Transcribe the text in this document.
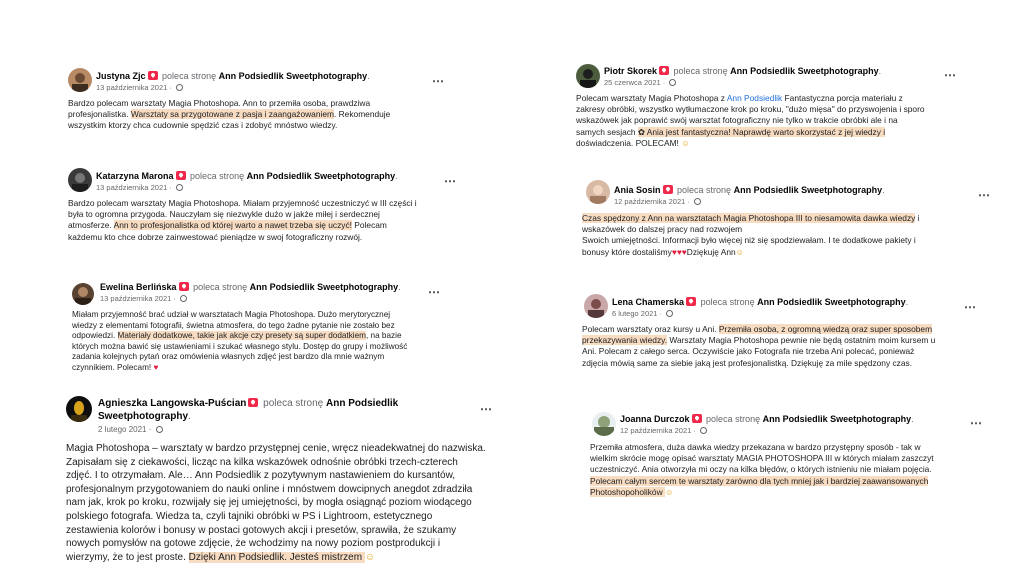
Justyna Zjc poleca stronę Ann Podsiedlik Sweetphotography.
13 października 2021 ·	⋯
Bardzo polecam warsztaty Magia Photoshopa. Ann to przemiła osoba, prawdziwa
profesjonalistka. Warsztaty sa przygotowane z pasja i zaangażowaniem. Rekomenduje
wszystkim ktorzy chca cudownie spędzić czas i zdobyć mnóstwo wiedzy.
Katarzyna Marona poleca stronę Ann Podsiedlik Sweetphotography.
13 października 2021 ·	⋯
Bardzo polecam warsztaty Magia Photoshopa. Miałam przyjemność uczestniczyć w III części i
była to ogromna przygoda. Nauczyłam się niezwykle dużo w jakże miłej i serdecznej
atmosferze. Ann to profesjonalistka od której warto a nawet trzeba się uczyć! Polecam
każdemu kto chce dobrze zainwestować pieniądze w swoj fotograficzny rozwój.
Ewelina Berlińska poleca stronę Ann Podsiedlik Sweetphotography.
13 października 2021 ·	⋯
Miałam przyjemność brać udział w warsztatach Magia Photoshopa. Dużo merytorycznej
wiedzy z elementami fotografii, świetna atmosfera, do tego żadne pytanie nie zostało bez
odpowiedzi. Materiały dodatkowe, takie jak akcje czy presety są super dodatkiem, na bazie
których można bawić się ustawieniami i szukać własnego stylu. Dostęp do grupy i możliwość
zadania kolejnych pytań oraz omówienia własnych zdjęć jest bardzo dla mnie ważnym
czynnikiem. Polecam! ♥
Agnieszka Langowska-Puścian poleca stronę Ann Podsiedlik
Sweetphotography.
2 lutego 2021 ·
⋯
Magia Photoshopa – warsztaty w bardzo przystępnej cenie, wręcz nieadekwatnej do nazwiska.
Zapisałam się z ciekawości, licząc na kilka wskazówek odnośnie obróbki trzech-czterech
zdjęć. I to otrzymałam. Ale… Ann Podsiedlik z pozytywnym nastawieniem do kursantów,
profesjonalnym przygotowaniem do nauki online i mnóstwem dowcipnych anegdot zdradziła
nam jak, krok po kroku, rozwijały się jej umiejętności, by mogła osiągnąć poziom wiodącego
polskiego fotografa. Wiedza ta, czyli tajniki obróbki w PS i Lightroom, estetycznego
zestawienia kolorów i bonusy w postaci gotowych akcji i presetów, sprawiła, że szukamy
nowych pomysłów na gotowe zdjęcie, że wchodzimy na nowy poziom postprodukcji i
wierzymy, że to jest proste. Dzięki Ann Podsiedlik. Jesteś mistrzem ☺
Piotr Skorek poleca stronę Ann Podsiedlik Sweetphotography.
25 czerwca 2021 ·
⋯
Polecam warsztaty Magia Photoshopa z Ann Podsiedlik Fantastyczna porcja materiału z
zakresy obróbki, wszystko wytłumaczone krok po kroku, "dużo mięsa" do przyswojenia i sporo
wskazówek jak poprawić swój warsztat fotograficzny nie tylko w trakcie obróbki ale i na
samych sesjach ✿ Ania jest fantastyczna! Naprawdę warto skorzystać z jej wiedzy i
doświadczenia. POLECAM! ☺
Ania Sosin poleca stronę Ann Podsiedlik Sweetphotography.
12 października 2021 ·	⋯
Czas spędzony z Ann na warsztatach Magia Photoshopa III to niesamowita dawka wiedzy i
wskazówek do dalszej pracy nad rozwojem
Swoich umiejętności. Informacji było więcej niż się spodziewałam. I te dodatkowe pakiety i
bonusy które dostaliśmy♥♥♥Dziękuję Ann☺
Lena Chamerska poleca stronę Ann Podsiedlik Sweetphotography.
6 lutego 2021 ·	⋯
Polecam warsztaty oraz kursy u Ani. Przemiła osoba, z ogromną wiedzą oraz super sposobem
przekazywania wiedzy. Warsztaty Magia Photoshopa pewnie nie będą ostatnim moim kursem u
Ani. Polecam z całego serca. Oczywiście jako Fotografa nie trzeba Ani polecać, ponieważ
zdjęcia mówią same za siebie jaką jest profesjonalistką. Dziękuję za mile spędzony czas.
Joanna Durczok poleca stronę Ann Podsiedlik Sweetphotography.
12 października 2021 ·
⋯
Przemiła atmosfera, duża dawka wiedzy przekazana w bardzo przystępny sposób - tak w
wielkim skrócie mogę opisać warsztaty MAGIA PHOTOSHOPA III w których miałam zaszczyt
uczestniczyć. Ania otworzyła mi oczy na kilka błędów, o których istnieniu nie miałam pojęcia.
Polecam całym sercem te warsztaty zarówno dla tych mniej jak i bardziej zaawansowanych
Photoshopoholików ☺
